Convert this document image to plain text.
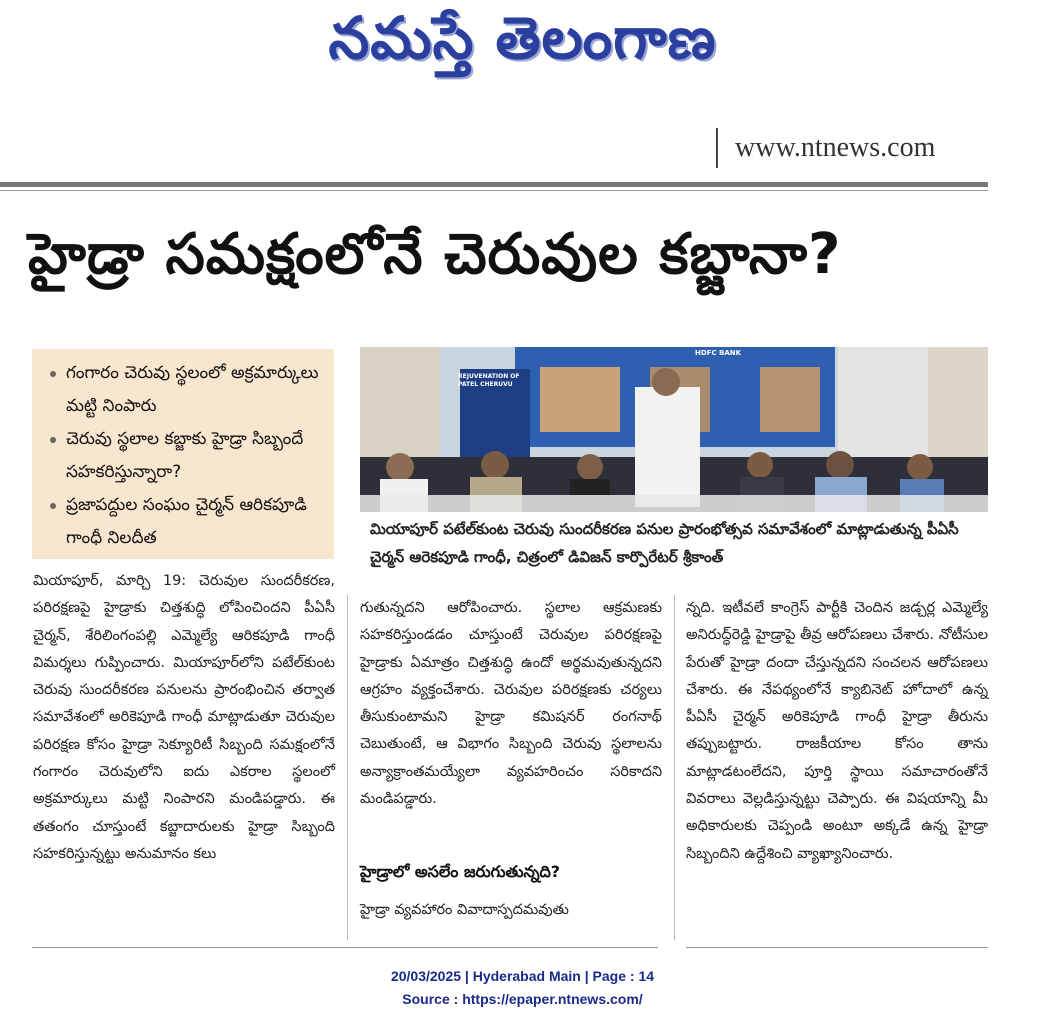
నమస్తే తెలంగాణ
www.ntnews.com
హైడ్రా సమక్షంలోనే చెరువుల కబ్జానా?
గంగారం చెరువు స్థలంలో అక్రమార్కులు మట్టి నింపారు
చెరువు స్థలాల కబ్జాకు హైడ్రా సిబ్బందే సహకరిస్తున్నారా?
ప్రజాపద్దుల సంఘం చైర్మన్ ఆరికపూడి గాంధీ నిలదీత
REJUVENATION OF PATEL CHERUVU
HDFC BANK
మియాపూర్ పటేల్‌కుంట చెరువు సుందరీకరణ పనుల ప్రారంభోత్సవ సమావేశంలో మాట్లాడుతున్న పీఏసీ చైర్మన్ ఆరెకపూడి గాంధీ, చిత్రంలో డివిజన్ కార్పొరేటర్ శ్రీకాంత్
మియాపూర్, మార్చి 19: చెరువుల సుందరీకరణ, పరిరక్షణపై హైడ్రాకు చిత్తశుద్ధి లోపించిందని పీఏసీ చైర్మన్, శేరిలింగంపల్లి ఎమ్మెల్యే ఆరికపూడి గాంధీ విమర్శలు గుప్పించారు. మియాపూర్‌లోని పటేల్‌కుంట చెరువు సుందరీకరణ పనులను ప్రారంభించిన తర్వాత సమావేశంలో అరికెపూడి గాంధీ మాట్లాడుతూ చెరువుల పరిరక్షణ కోసం హైడ్రా సెక్యూరిటీ సిబ్బంది సమక్షంలోనే గంగారం చెరువులోని ఐదు ఎకరాల స్థలంలో అక్రమార్కులు మట్టి నింపారని మండిపడ్డారు. ఈ తతంగం చూస్తుంటే కబ్జాదారులకు హైడ్రా సిబ్బంది సహకరిస్తున్నట్టు అనుమానం కలు
గుతున్నదని ఆరోపించారు. స్థలాల ఆక్రమణకు సహకరిస్తుండడం చూస్తుంటే చెరువుల పరిరక్షణపై హైడ్రాకు ఏమాత్రం చిత్తశుద్ధి ఉందో అర్థమవుతున్నదని ఆగ్రహం వ్యక్తంచేశారు. చెరువుల పరిరక్షణకు చర్యలు తీసుకుంటామని హైడ్రా కమిషనర్ రంగనాథ్ చెబుతుంటే, ఆ విభాగం సిబ్బంది చెరువు స్థలాలను అన్యాక్రాంతమయ్యేలా వ్యవహరించం సరికాదని మండిపడ్డారు.
హైడ్రాలో అసలేం జరుగుతున్నది?
హైడ్రా వ్యవహారం వివాదాస్పదమవుతు
న్నది. ఇటీవలే కాంగ్రెస్ పార్టీకి చెందిన జడ్చర్ల ఎమ్మెల్యే అనిరుద్ధ్‌రెడ్డి హైడ్రాపై తీవ్ర ఆరోపణలు చేశారు. నోటీసుల పేరుతో హైడ్రా దందా చేస్తున్నదని సంచలన ఆరోపణలు చేశారు. ఈ నేపథ్యంలోనే క్యాబినెట్ హోదాలో ఉన్న పీఏసీ చైర్మన్ అరికెపూడి గాంధీ హైడ్రా తీరును తప్పుబట్టారు. రాజకీయాల కోసం తాను మాట్లాడటంలేదని, పూర్తి స్థాయి సమాచారంతోనే వివరాలు వెల్లడిస్తున్నట్టు చెప్పారు. ఈ విషయాన్ని మీ అధికారులకు చెప్పండి అంటూ అక్కడే ఉన్న హైడ్రా సిబ్బందిని ఉద్దేశించి వ్యాఖ్యానించారు.
20/03/2025 | Hyderabad Main | Page : 14
Source : https://epaper.ntnews.com/
